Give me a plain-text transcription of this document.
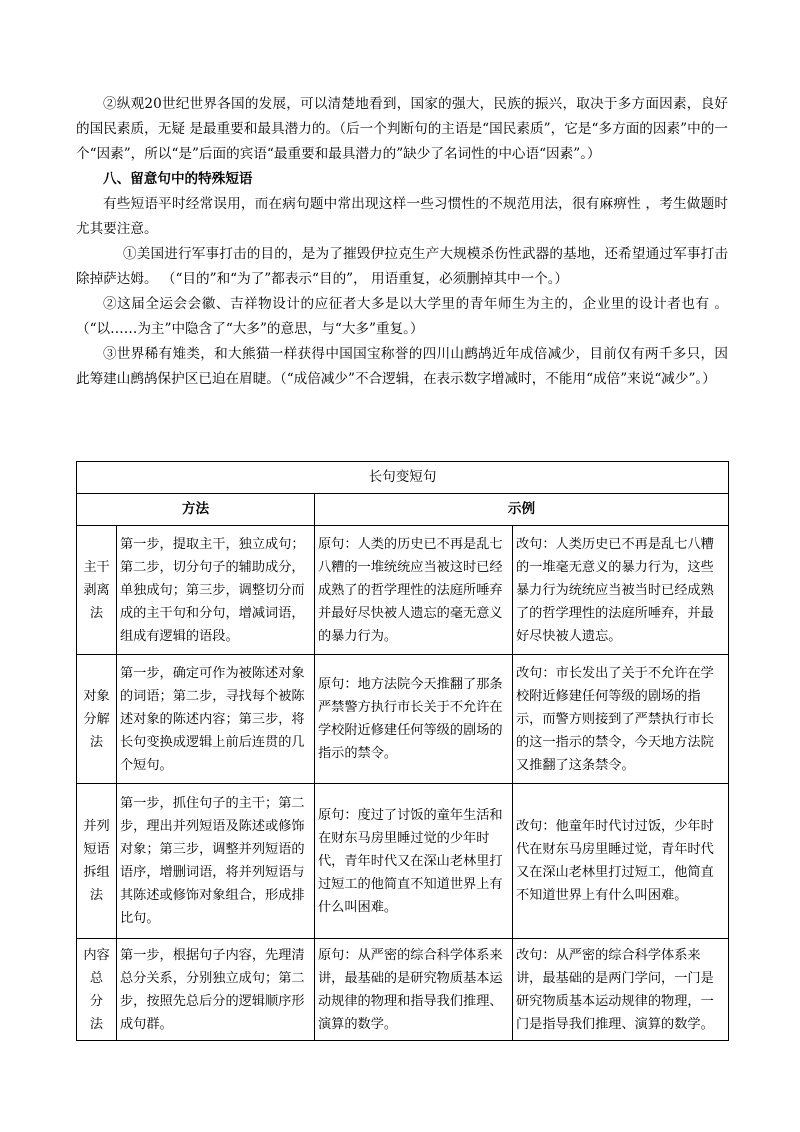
②纵观20世纪世界各国的发展，可以清楚地看到，国家的强大，民族的振兴，取决于多方面因素，良好的国民素质，无疑 是最重要和最具潜力的。（后一个判断句的主语是“国民素质”，它是“多方面的因素”中的一个“因素”，所以“是”后面的宾语“最重要和最具潜力的”缺少了名词性的中心语“因素”。）

八、留意句中的特殊短语

有些短语平时经常误用，而在病句题中常出现这样一些习惯性的不规范用法，很有麻痹性 ，考生做题时尤其要注意。

①美国进行军事打击的目的，是为了摧毁伊拉克生产大规模杀伤性武器的基地，还希望通过军事打击除掉萨达姆。 （“目的”和“为了”都表示“目的”， 用语重复，必须删掉其中一个。）

②这届全运会会徽、吉祥物设计的应征者大多是以大学里的青年师生为主的，企业里的设计者也有 。（“以……为主”中隐含了“大多”的意思，与“大多”重复。）

③世界稀有雉类，和大熊猫一样获得中国国宝称誉的四川山鹧鸪近年成倍减少，目前仅有两千多只，因此筹建山鹧鸪保护区已迫在眉睫。（“成倍减少”不合逻辑，在表示数字增减时，不能用“成倍”来说“减少”。）

长句变短句			
方法		示例	

主干
剥离
法	第一步，提取主干，独立成句；第二步，切分句子的辅助成分，单独成句；第三步，调整切分而成的主干句和分句，增减词语，组成有逻辑的语段。	原句：人类的历史已不再是乱七八糟的一堆统统应当被这时已经成熟了的哲学理性的法庭所唾弃并最好尽快被人遗忘的毫无意义的暴力行为。	改句：人类历史已不再是乱七八糟的一堆毫无意义的暴力行为，这些暴力行为统统应当被当时已经成熟了的哲学理性的法庭所唾弃，并最好尽快被人遗忘。

对象
分解
法	第一步，确定可作为被陈述对象的词语；第二步，寻找每个被陈述对象的陈述内容；第三步，将长句变换成逻辑上前后连贯的几个短句。	原句：地方法院今天推翻了那条严禁警方执行市长关于不允许在学校附近修建任何等级的剧场的指示的禁令。	改句：市长发出了关于不允许在学校附近修建任何等级的剧场的指示，而警方则接到了严禁执行市长的这一指示的禁令，今天地方法院又推翻了这条禁令。

并列
短语
拆组
法	第一步，抓住句子的主干；第二步，理出并列短语及陈述或修饰对象；第三步，调整并列短语的语序，增删词语，将并列短语与其陈述或修饰对象组合，形成排比句。	原句：度过了讨饭的童年生活和在财东马房里睡过觉的少年时代，青年时代又在深山老林里打过短工的他简直不知道世界上有什么叫困难。	改句：他童年时代讨过饭，少年时代在财东马房里睡过觉，青年时代又在深山老林里打过短工，他简直不知道世界上有什么叫困难。

内容
总　分
法	第一步，根据句子内容，先理清总分关系，分别独立成句；第二步，按照先总后分的逻辑顺序形成句群。	原句：从严密的综合科学体系来讲，最基础的是研究物质基本运动规律的物理和指导我们推理、演算的数学。	改句：从严密的综合科学体系来讲，最基础的是两门学问，一门是研究物质基本运动规律的物理，一门是指导我们推理、演算的数学。
